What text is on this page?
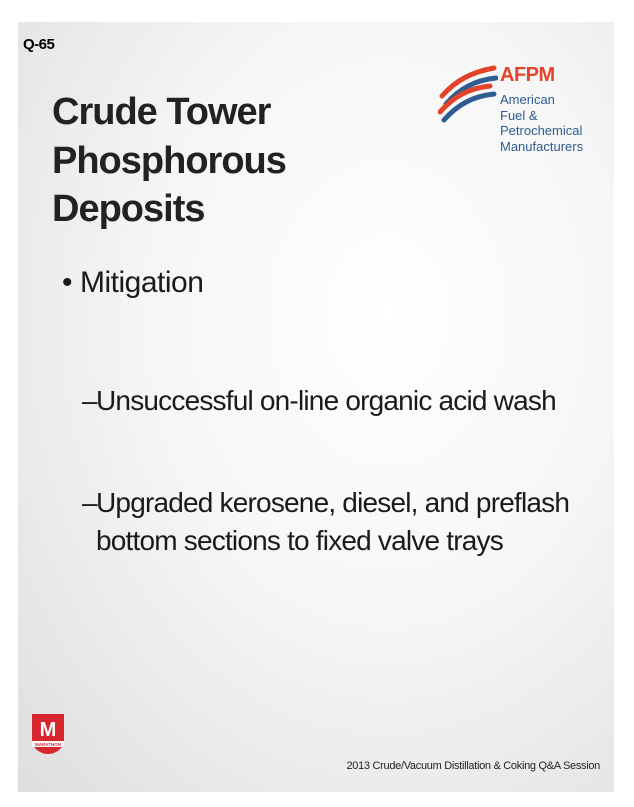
Q-65
Crude Tower Phosphorous
Deposits
AFPM
American
Fuel & Petrochemical
Manufacturers
• Mitigation
–Unsuccessful on-line organic acid wash
–Upgraded kerosene, diesel, and preflash
bottom sections to fixed valve trays
M
MARATHON
2013 Crude/Vacuum Distillation & Coking Q&A Session
